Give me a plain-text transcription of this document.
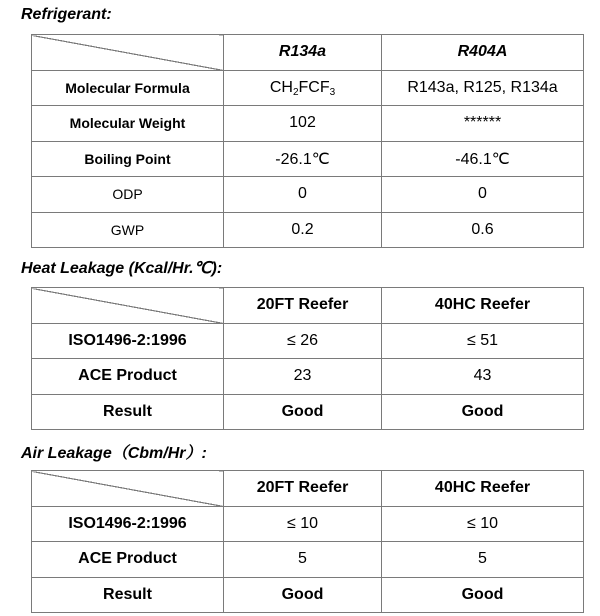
Refrigerant:
	R134a	R404A
Molecular Formula	$CH_2FCF_3$	R143a, R125, R134a
Molecular Weight	102	******
Boiling Point	-26.1℃	-46.1℃
ODP	0	0
GWP	0.2	0.6
Heat Leakage (Kcal/Hr.℃):
	20FT Reefer	40HC Reefer
ISO1496-2:1996	≤ 26	≤ 51
ACE Product	23	43
Result	Good	Good
Air Leakage（Cbm/Hr）:
	20FT Reefer	40HC Reefer
ISO1496-2:1996	≤ 10	≤ 10
ACE Product	5	5
Result	Good	Good
